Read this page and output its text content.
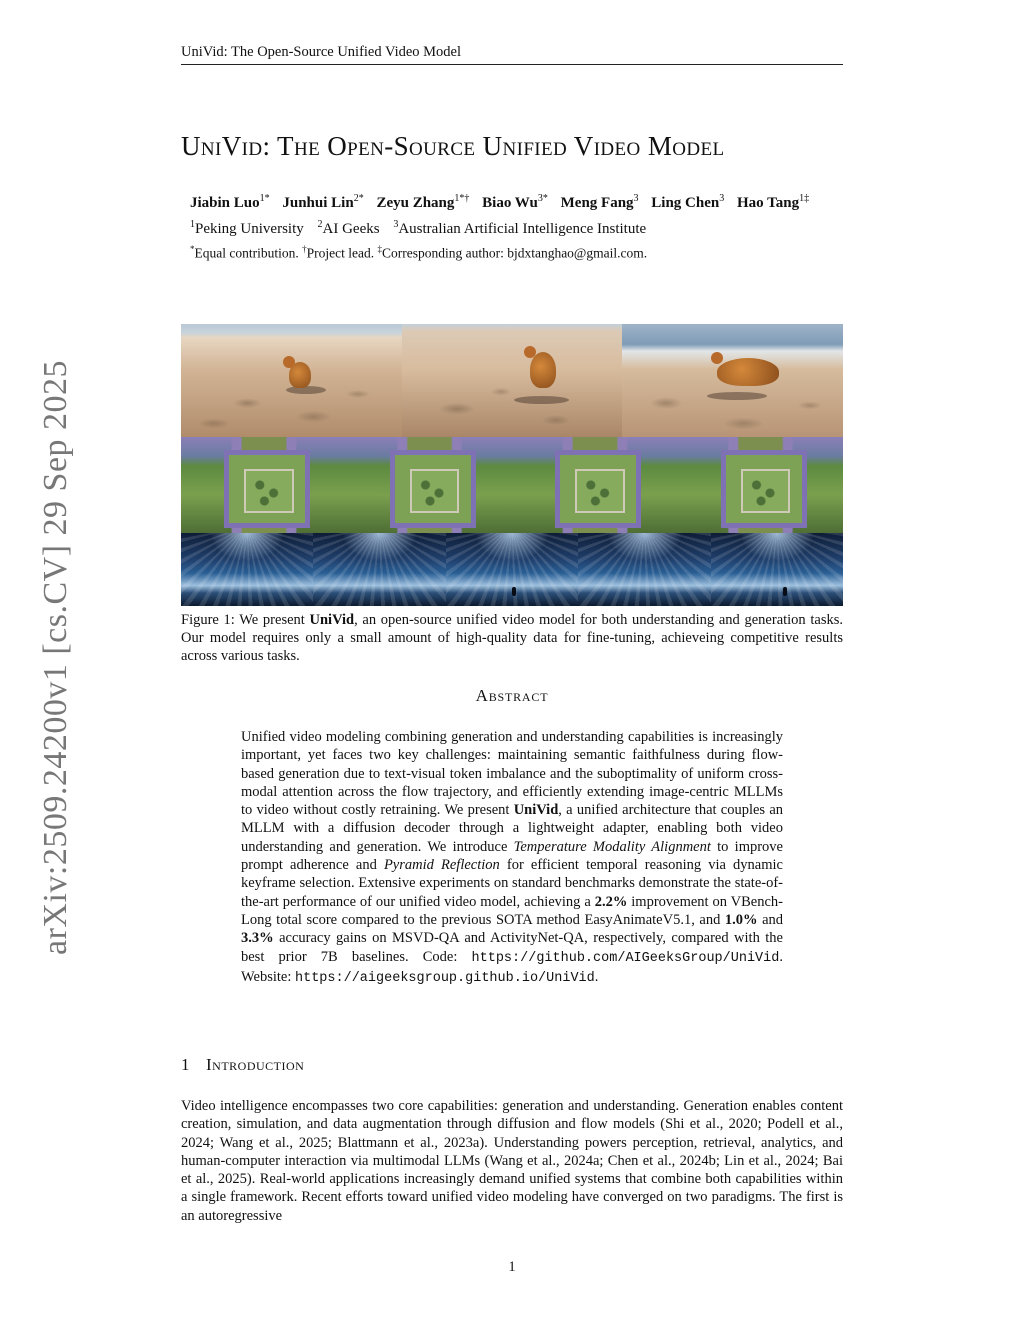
UniVid: The Open-Source Unified Video Model
arXiv:2509.24200v1 [cs.CV] 29 Sep 2025
UniVid: The Open-Source Unified Video Model
Jiabin Luo$^{1*}$ Junhui Lin$^{2*}$ Zeyu Zhang$^{1*\dagger}$ Biao $Wu^{3*}$ Meng Fang$^3$ Ling Chen$^3$ Hao Tang$^{1\ddagger}$
$^1$Peking University $^2$AI Geeks $^3$Australian Artificial Intelligence Institute
*Equal contribution. †Project lead. ‡Corresponding author: bjdxtanghao@gmail.com.
Figure 1: We present UniVid, an open-source unified video model for both understanding and generation tasks. Our model requires only a small amount of high-quality data for fine-tuning, achieveing competitive results across various tasks.
Abstract
Unified video modeling combining generation and understanding capabilities is increasingly important, yet faces two key challenges: maintaining semantic faithfulness during flow-based generation due to text-visual token imbalance and the suboptimality of uniform cross-modal attention across the flow trajectory, and efficiently extending image-centric MLLMs to video without costly retraining. We present UniVid, a unified architecture that couples an MLLM with a diffusion decoder through a lightweight adapter, enabling both video understanding and generation. We introduce Temperature Modality Alignment to improve prompt adherence and Pyramid Reflection for efficient temporal reasoning via dynamic keyframe selection. Extensive experiments on standard benchmarks demonstrate the state-of-the-art performance of our unified video model, achieving a 2.2% improvement on VBench-Long total score compared to the previous SOTA method EasyAnimateV5.1, and 1.0% and 3.3% accuracy gains on MSVD-QA and ActivityNet-QA, respectively, compared with the best prior 7B baselines. Code: https://github.com/AIGeeksGroup/UniVid. Website: https://aigeeksgroup.github.io/UniVid.
1 Introduction
Video intelligence encompasses two core capabilities: generation and understanding. Generation enables content creation, simulation, and data augmentation through diffusion and flow models (Shi et al., 2020; Podell et al., 2024; Wang et al., 2025; Blattmann et al., 2023a). Understanding powers perception, retrieval, analytics, and human-computer interaction via multimodal LLMs (Wang et al., 2024a; Chen et al., 2024b; Lin et al., 2024; Bai et al., 2025). Real-world applications increasingly demand unified systems that combine both capabilities within a single framework. Recent efforts toward unified video modeling have converged on two paradigms. The first is an autoregressive
1
